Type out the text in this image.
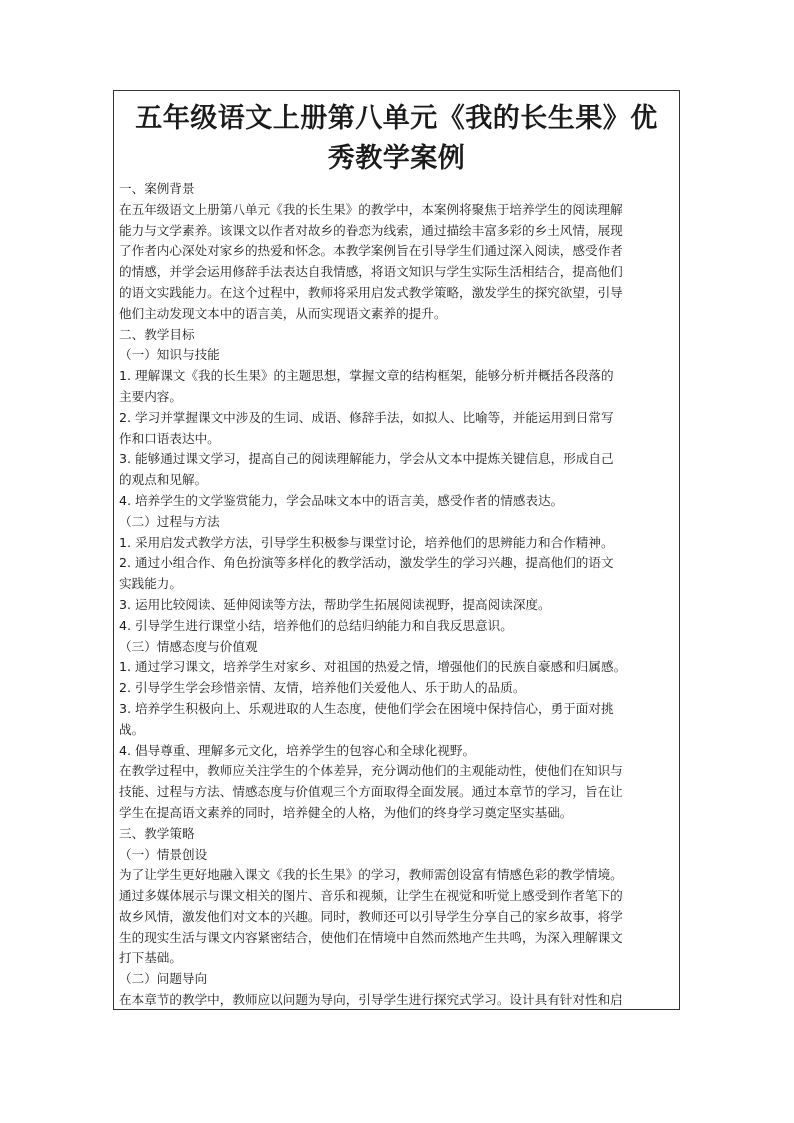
五年级语文上册第八单元《我的长生果》优
秀教学案例

一、案例背景

在五年级语文上册第八单元《我的长生果》的教学中，本案例将聚焦于培养学生的阅读理解

能力与文学素养。该课文以作者对故乡的眷恋为线索，通过描绘丰富多彩的乡土风情，展现

了作者内心深处对家乡的热爱和怀念。本教学案例旨在引导学生们通过深入阅读，感受作者

的情感，并学会运用修辞手法表达自我情感，将语文知识与学生实际生活相结合，提高他们

的语文实践能力。在这个过程中，教师将采用启发式教学策略，激发学生的探究欲望，引导

他们主动发现文本中的语言美，从而实现语文素养的提升。

二、教学目标

（一）知识与技能

1. 理解课文《我的长生果》的主题思想，掌握文章的结构框架，能够分析并概括各段落的

主要内容。

2. 学习并掌握课文中涉及的生词、成语、修辞手法，如拟人、比喻等，并能运用到日常写

作和口语表达中。

3. 能够通过课文学习，提高自己的阅读理解能力，学会从文本中提炼关键信息，形成自己

的观点和见解。

4. 培养学生的文学鉴赏能力，学会品味文本中的语言美，感受作者的情感表达。

（二）过程与方法

1. 采用启发式教学方法，引导学生积极参与课堂讨论，培养他们的思辨能力和合作精神。

2. 通过小组合作、角色扮演等多样化的教学活动，激发学生的学习兴趣，提高他们的语文

实践能力。

3. 运用比较阅读、延伸阅读等方法，帮助学生拓展阅读视野，提高阅读深度。

4. 引导学生进行课堂小结，培养他们的总结归纳能力和自我反思意识。

（三）情感态度与价值观

1. 通过学习课文，培养学生对家乡、对祖国的热爱之情，增强他们的民族自豪感和归属感。

2. 引导学生学会珍惜亲情、友情，培养他们关爱他人、乐于助人的品质。

3. 培养学生积极向上、乐观进取的人生态度，使他们学会在困境中保持信心，勇于面对挑

战。

4. 倡导尊重、理解多元文化，培养学生的包容心和全球化视野。

在教学过程中，教师应关注学生的个体差异，充分调动他们的主观能动性，使他们在知识与

技能、过程与方法、情感态度与价值观三个方面取得全面发展。通过本章节的学习，旨在让

学生在提高语文素养的同时，培养健全的人格，为他们的终身学习奠定坚实基础。

三、教学策略

（一）情景创设

为了让学生更好地融入课文《我的长生果》的学习，教师需创设富有情感色彩的教学情境。

通过多媒体展示与课文相关的图片、音乐和视频，让学生在视觉和听觉上感受到作者笔下的

故乡风情，激发他们对文本的兴趣。同时，教师还可以引导学生分享自己的家乡故事，将学

生的现实生活与课文内容紧密结合，使他们在情境中自然而然地产生共鸣，为深入理解课文

打下基础。

（二）问题导向

在本章节的教学中，教师应以问题为导向，引导学生进行探究式学习。设计具有针对性和启
